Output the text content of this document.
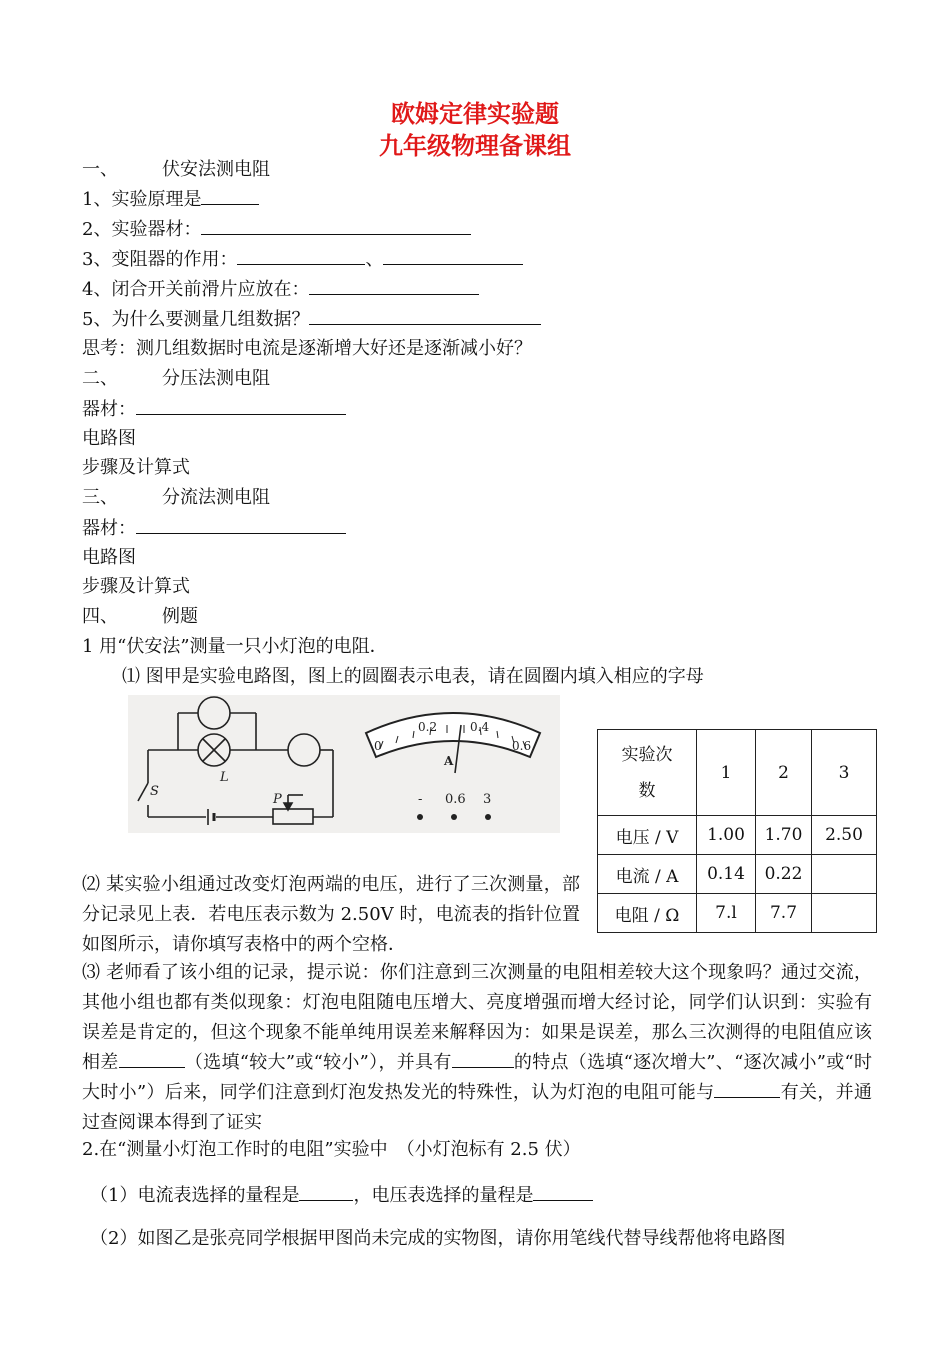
欧姆定律实验题
九年级物理备课组
一、 伏安法测电阻
1、实验原理是
2、实验器材：
3、变阻器的作用：	、
4、闭合开关前滑片应放在：
5、为什么要测量几组数据？
思考：测几组数据时电流是逐渐增大好还是逐渐减小好？
二、 分压法测电阻
器材：
电路图
步骤及计算式
三、 分流法测电阻
器材：
电路图
步骤及计算式
四、 例题
1 用“伏安法”测量一只小灯泡的电阻．
⑴ 图甲是实验电路图，图上的圆圈表示电表，请在圆圈内填入相应的字母
L
S
P
0
0.2	0.4
0.6
A
- 0.6 3
实验次数	1	2	3
电压 / V	1.00	1.70	2.50
电流 / A	0.14	0.22	
电阻 / Ω	7.l	7.7	
⑵ 某实验小组通过改变灯泡两端的电压，进行了三次测量，部分记录见上表．若电压表示数为 2.50V 时，电流表的指针位置如图所示，请你填写表格中的两个空格．
⑶ 老师看了该小组的记录，提示说：你们注意到三次测量的电阻相差较大这个现象吗？通过交流，其他小组也都有类似现象：灯泡电阻随电压增大、亮度增强而增大经讨论，同学们认识到：实验有误差是肯定的，但这个现象不能单纯用误差来解释因为：如果是误差，那么三次测得的电阻值应该相差	（选填“较大”或“较小”），并具有	的特点（选填“逐次增大”、“逐次减小”或“时大时小”）后来，同学们注意到灯泡发热发光的特殊性，认为灯泡的电阻可能与	有关，并通过查阅课本得到了证实
2.在“测量小灯泡工作时的电阻”实验中　（小灯泡标有 2.5 伏）
（1）电流表选择的量程是	，电压表选择的量程是
（2）如图乙是张亮同学根据甲图尚未完成的实物图，请你用笔线代替导线帮他将电路图
